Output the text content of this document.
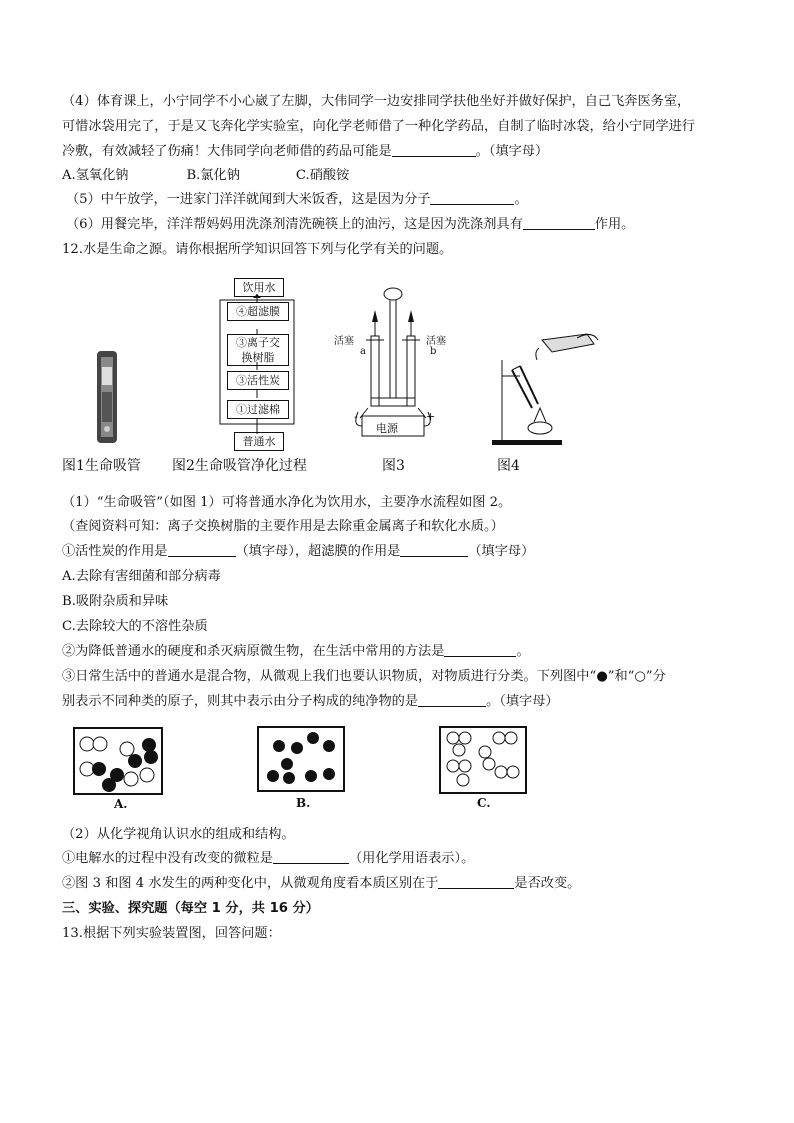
（4）体育课上，小宁同学不小心崴了左脚，大伟同学一边安排同学扶他坐好并做好保护，自己飞奔医务室，
可惜冰袋用完了，于是又飞奔化学实验室，向化学老师借了一种化学药品，自制了临时冰袋，给小宁同学进行
冷敷，有效减轻了伤痛！大伟同学向老师借的药品可能是	。（填字母）
A.氢氧化钠	B.氯化钠	C.硝酸铵
（5）中午放学，一进家门洋洋就闻到大米饭香，这是因为分子	。
（6）用餐完毕，洋洋帮妈妈用洗涤剂清洗碗筷上的油污，这是因为洗涤剂具有	作用。
12.水是生命之源。请你根据所学知识回答下列与化学有关的问题。
饮用水
④超滤膜
③离子交
换树脂
③活性炭
①过滤棉
普通水
活塞	活塞
a	b
-	+
电源
图1生命吸管 图2生命吸管净化过程	图3	图4
（1）“生命吸管”（如图 1）可将普通水净化为饮用水，主要净水流程如图 2。
（查阅资料可知：离子交换树脂的主要作用是去除重金属离子和软化水质。）
①活性炭的作用是	（填字母），超滤膜的作用是	（填字母）
A.去除有害细菌和部分病毒
B.吸附杂质和异味
C.去除较大的不溶性杂质
②为降低普通水的硬度和杀灭病原微生物，在生活中常用的方法是	。
③日常生活中的普通水是混合物，从微观上我们也要认识物质，对物质进行分类。下列图中“●”和“○”分
别表示不同种类的原子，则其中表示由分子构成的纯净物的是	。（填字母）
A.	B.	C.
（2）从化学视角认识水的组成和结构。
①电解水的过程中没有改变的微粒是	（用化学用语表示）。
②图 3 和图 4 水发生的两种变化中，从微观角度看本质区别在于	是否改变。
三、实验、探究题（每空 1 分，共 16 分）
13.根据下列实验装置图，回答问题：
